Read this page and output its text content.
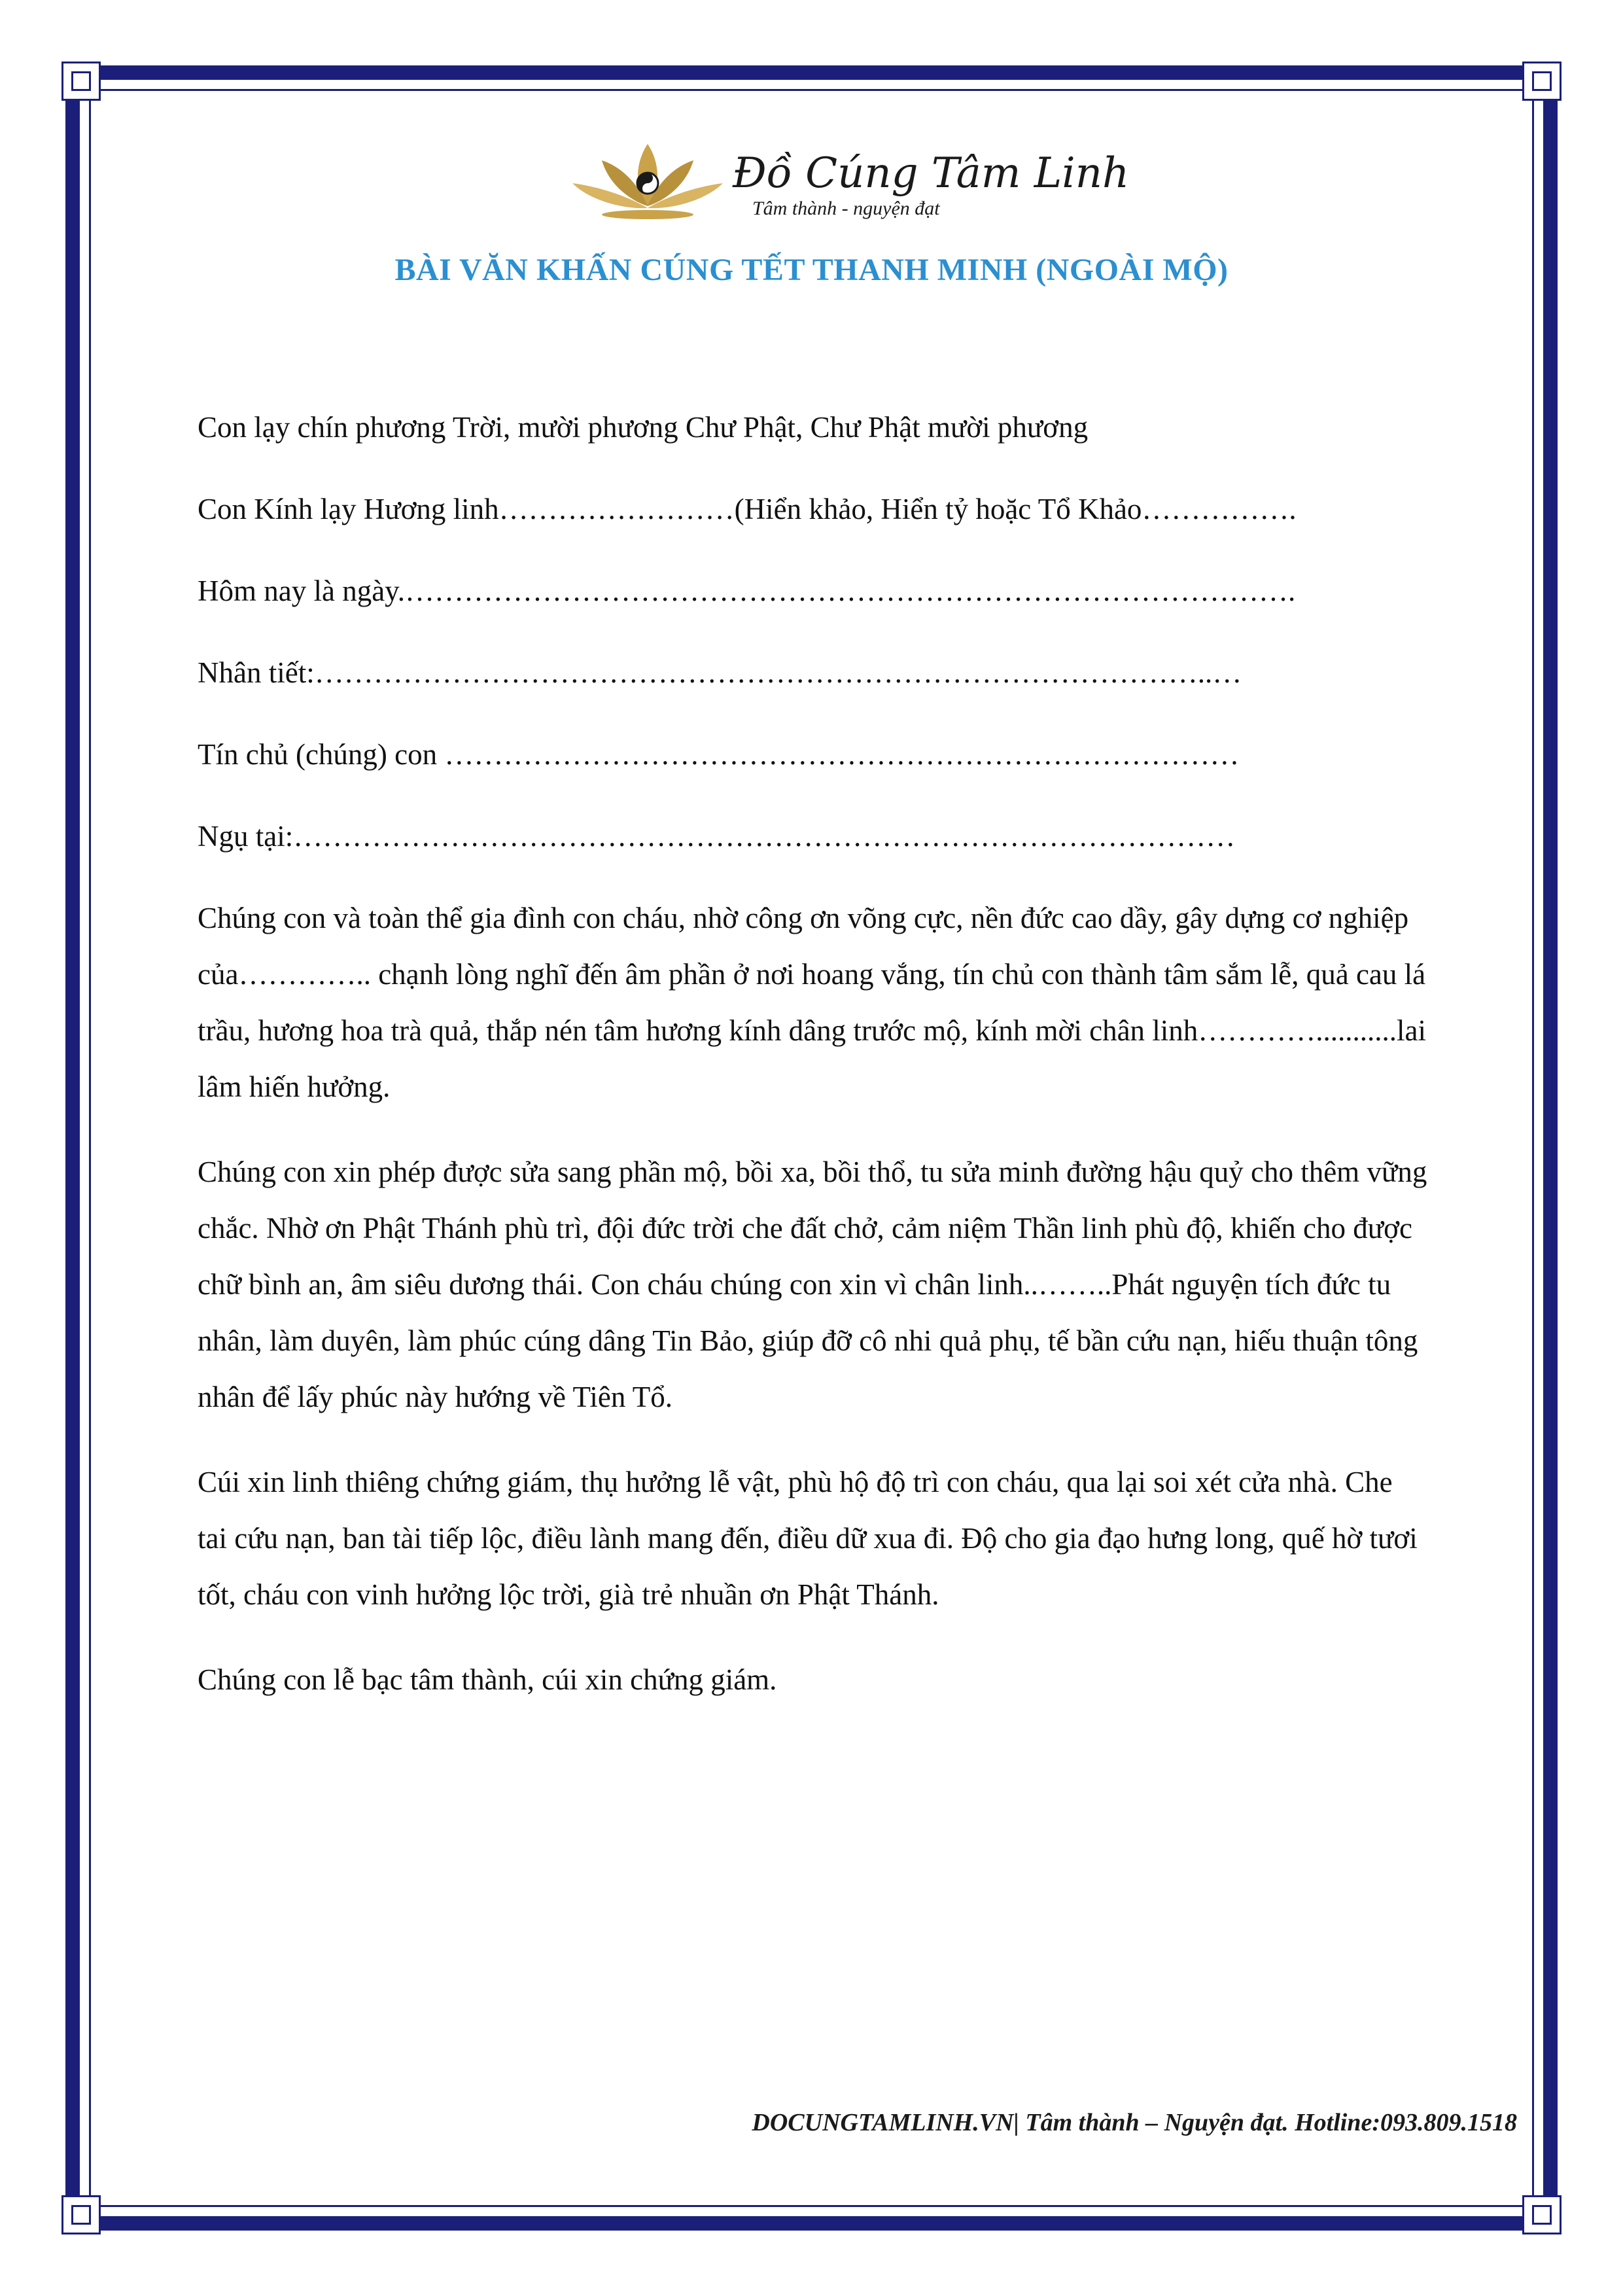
Đồ Cúng Tâm Linh
Tâm thành - nguyện đạt
BÀI VĂN KHẤN CÚNG TẾT THANH MINH (NGOÀI MỘ)

Con lạy chín phương Trời, mười phương Chư Phật, Chư Phật mười phương

Con Kính lạy Hương linh……………………(Hiển khảo, Hiển tỷ hoặc Tổ Khảo…………….

Hôm nay là ngày.……………………………………………………………………………….

Nhân tiết:………………………………………………………………………………..…

Tín chủ (chúng) con ………………………………………………………………………

Ngụ tại:……………………………………………………………………………………

Chúng con và toàn thể gia đình con cháu, nhờ công ơn võng cực, nền đức cao dầy, gây dựng cơ nghiệp của………….. chạnh lòng nghĩ đến âm phần ở nơi hoang vắng, tín chủ con thành tâm sắm lễ, quả cau lá trầu, hương hoa trà quả, thắp nén tâm hương kính dâng trước mộ, kính mời chân linh…………...........lai lâm hiến hưởng.

Chúng con xin phép được sửa sang phần mộ, bồi xa, bồi thổ, tu sửa minh đường hậu quỷ cho thêm vững chắc. Nhờ ơn Phật Thánh phù trì, đội đức trời che đất chở, cảm niệm Thần linh phù độ, khiến cho được chữ bình an, âm siêu dương thái. Con cháu chúng con xin vì chân linh..……..Phát nguyện tích đức tu nhân, làm duyên, làm phúc cúng dâng Tin Bảo, giúp đỡ cô nhi quả phụ, tế bần cứu nạn, hiếu thuận tông nhân để lấy phúc này hướng về Tiên Tổ.

Cúi xin linh thiêng chứng giám, thụ hưởng lễ vật, phù hộ độ trì con cháu, qua lại soi xét cửa nhà. Che tai cứu nạn, ban tài tiếp lộc, điều lành mang đến, điều dữ xua đi. Độ cho gia đạo hưng long, quế hờ tươi tốt, cháu con vinh hưởng lộc trời, già trẻ nhuần ơn Phật Thánh.

Chúng con lễ bạc tâm thành, cúi xin chứng giám.

DOCUNGTAMLINH.VN| Tâm thành – Nguyện đạt. Hotline:093.809.1518
